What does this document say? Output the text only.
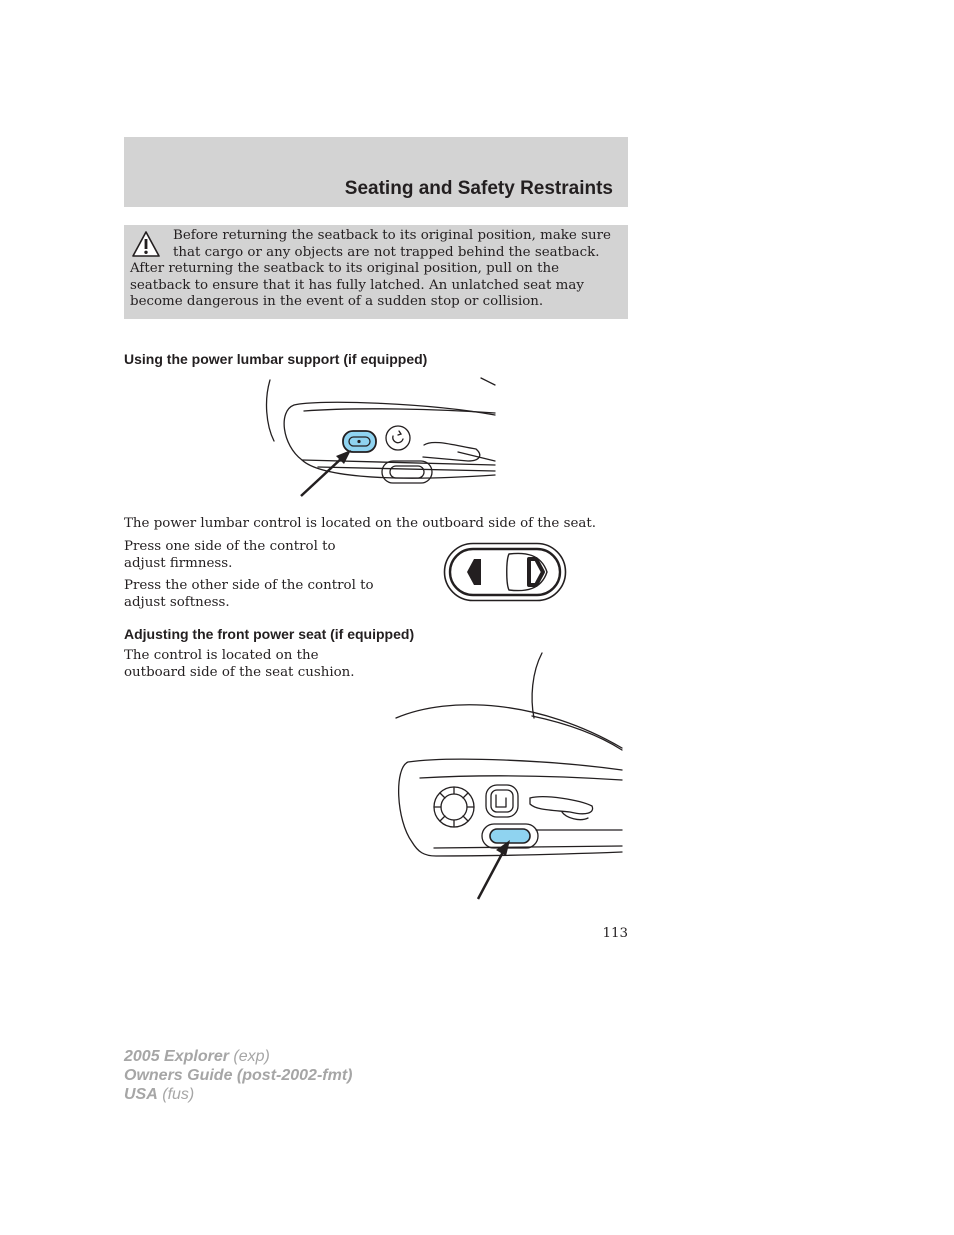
Seating and Safety Restraints

Before returning the seatback to its original position, make sure that cargo or any objects are not trapped behind the seatback. After returning the seatback to its original position, pull on the seatback to ensure that it has fully latched. An unlatched seat may become dangerous in the event of a sudden stop or collision.

Using the power lumbar support (if equipped)

The power lumbar control is located on the outboard side of the seat.

Press one side of the control to adjust firmness.

Press the other side of the control to adjust softness.

Adjusting the front power seat (if equipped)

The control is located on the outboard side of the seat cushion.

113

2005 Explorer (exp)
Owners Guide (post-2002-fmt)
USA (fus)
